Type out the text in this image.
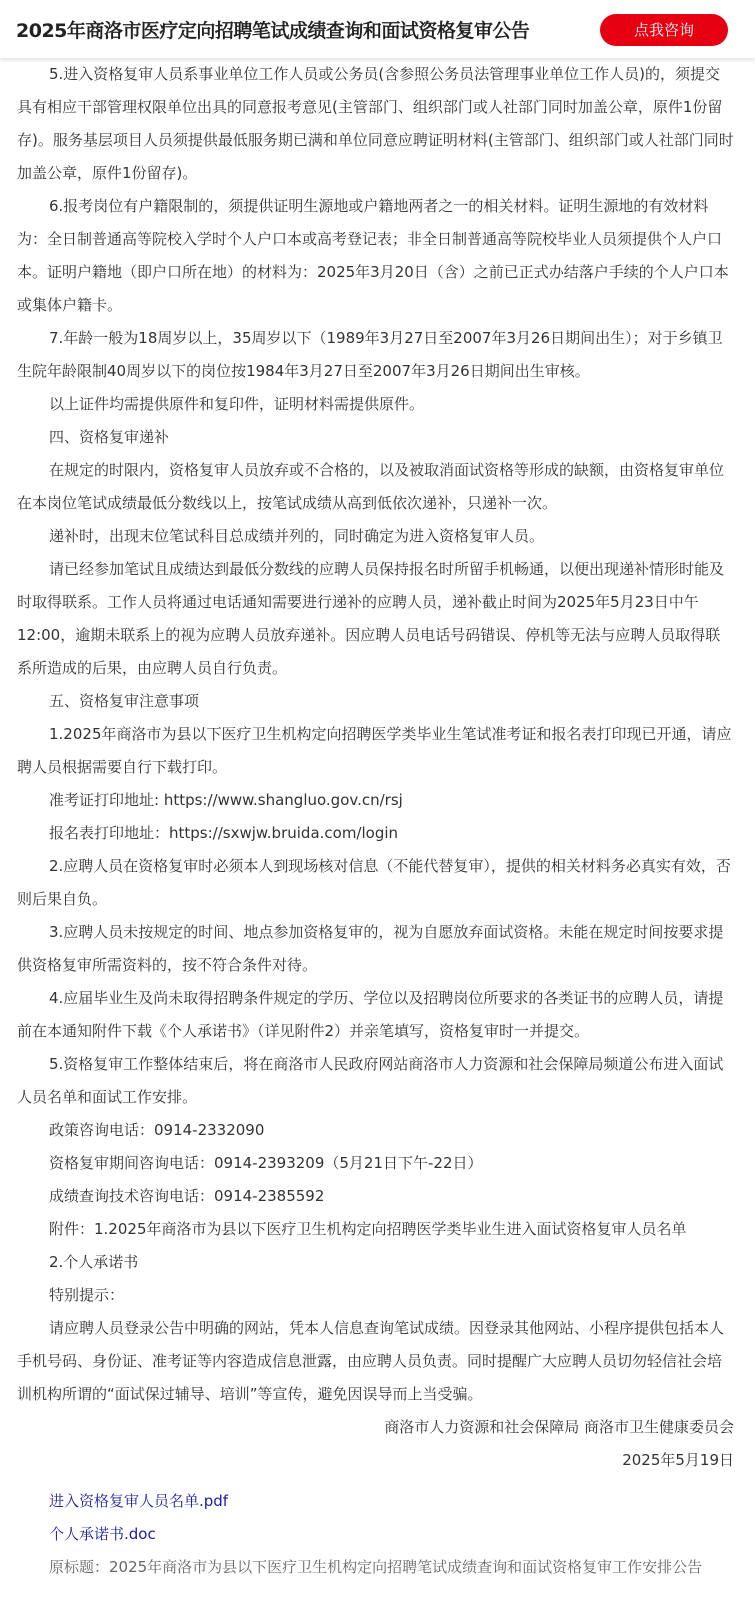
2025年商洛市医疗定向招聘笔试成绩查询和面试资格复审公告	点我咨询

5.进入资格复审人员系事业单位工作人员或公务员(含参照公务员法管理事业单位工作人员)的，须提交具有相应干部管理权限单位出具的同意报考意见(主管部门、组织部门或人社部门同时加盖公章，原件1份留存)。服务基层项目人员须提供最低服务期已满和单位同意应聘证明材料(主管部门、组织部门或人社部门同时加盖公章，原件1份留存)。

6.报考岗位有户籍限制的，须提供证明生源地或户籍地两者之一的相关材料。证明生源地的有效材料为：全日制普通高等院校入学时个人户口本或高考登记表；非全日制普通高等院校毕业人员须提供个人户口本。证明户籍地（即户口所在地）的材料为：2025年3月20日（含）之前已正式办结落户手续的个人户口本或集体户籍卡。

7.年龄一般为18周岁以上，35周岁以下（1989年3月27日至2007年3月26日期间出生）；对于乡镇卫生院年龄限制40周岁以下的岗位按1984年3月27日至2007年3月26日期间出生审核。

以上证件均需提供原件和复印件，证明材料需提供原件。

四、资格复审递补

在规定的时限内，资格复审人员放弃或不合格的，以及被取消面试资格等形成的缺额，由资格复审单位在本岗位笔试成绩最低分数线以上，按笔试成绩从高到低依次递补，只递补一次。

递补时，出现末位笔试科目总成绩并列的，同时确定为进入资格复审人员。

请已经参加笔试且成绩达到最低分数线的应聘人员保持报名时所留手机畅通，以便出现递补情形时能及时取得联系。工作人员将通过电话通知需要进行递补的应聘人员，递补截止时间为2025年5月23日中午12:00，逾期未联系上的视为应聘人员放弃递补。因应聘人员电话号码错误、停机等无法与应聘人员取得联系所造成的后果，由应聘人员自行负责。

五、资格复审注意事项

1.2025年商洛市为县以下医疗卫生机构定向招聘医学类毕业生笔试准考证和报名表打印现已开通，请应聘人员根据需要自行下载打印。

准考证打印地址: https://www.shangluo.gov.cn/rsj

报名表打印地址：https://sxwjw.bruida.com/login

2.应聘人员在资格复审时必须本人到现场核对信息（不能代替复审），提供的相关材料务必真实有效，否则后果自负。

3.应聘人员未按规定的时间、地点参加资格复审的，视为自愿放弃面试资格。未能在规定时间按要求提供资格复审所需资料的，按不符合条件对待。

4.应届毕业生及尚未取得招聘条件规定的学历、学位以及招聘岗位所要求的各类证书的应聘人员，请提前在本通知附件下载《个人承诺书》（详见附件2）并亲笔填写，资格复审时一并提交。

5.资格复审工作整体结束后，将在商洛市人民政府网站商洛市人力资源和社会保障局频道公布进入面试人员名单和面试工作安排。

政策咨询电话：0914-2332090

资格复审期间咨询电话：0914-2393209（5月21日下午-22日）

成绩查询技术咨询电话：0914-2385592

附件：1.2025年商洛市为县以下医疗卫生机构定向招聘医学类毕业生进入面试资格复审人员名单

2.个人承诺书

特别提示：

请应聘人员登录公告中明确的网站，凭本人信息查询笔试成绩。因登录其他网站、小程序提供包括本人手机号码、身份证、准考证等内容造成信息泄露，由应聘人员负责。同时提醒广大应聘人员切勿轻信社会培训机构所谓的“面试保过辅导、培训”等宣传，避免因误导而上当受骗。

商洛市人力资源和社会保障局 商洛市卫生健康委员会

2025年5月19日

进入资格复审人员名单.pdf

个人承诺书.doc

原标题：2025年商洛市为县以下医疗卫生机构定向招聘笔试成绩查询和面试资格复审工作安排公告
